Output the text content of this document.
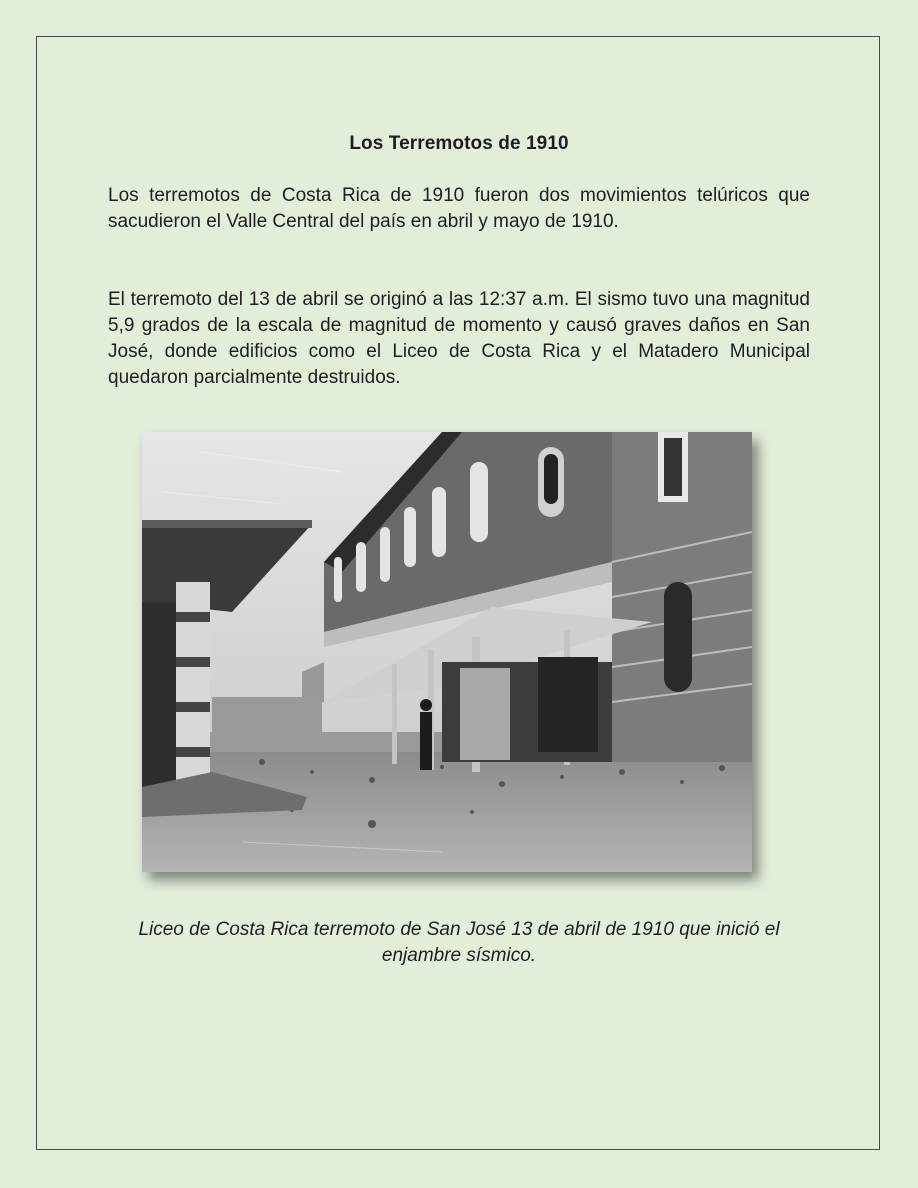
Los Terremotos de 1910

Los terremotos de Costa Rica de 1910 fueron dos movimientos telúricos que sacudieron el Valle Central del país en abril y mayo de 1910.

El terremoto del 13 de abril se originó a las 12:37 a.m. El sismo tuvo una magnitud 5,9 grados de la escala de magnitud de momento y causó graves daños en San José, donde edificios como el Liceo de Costa Rica y el Matadero Municipal quedaron parcialmente destruidos.

Liceo de Costa Rica terremoto de San José 13 de abril de 1910 que inició el enjambre sísmico.
